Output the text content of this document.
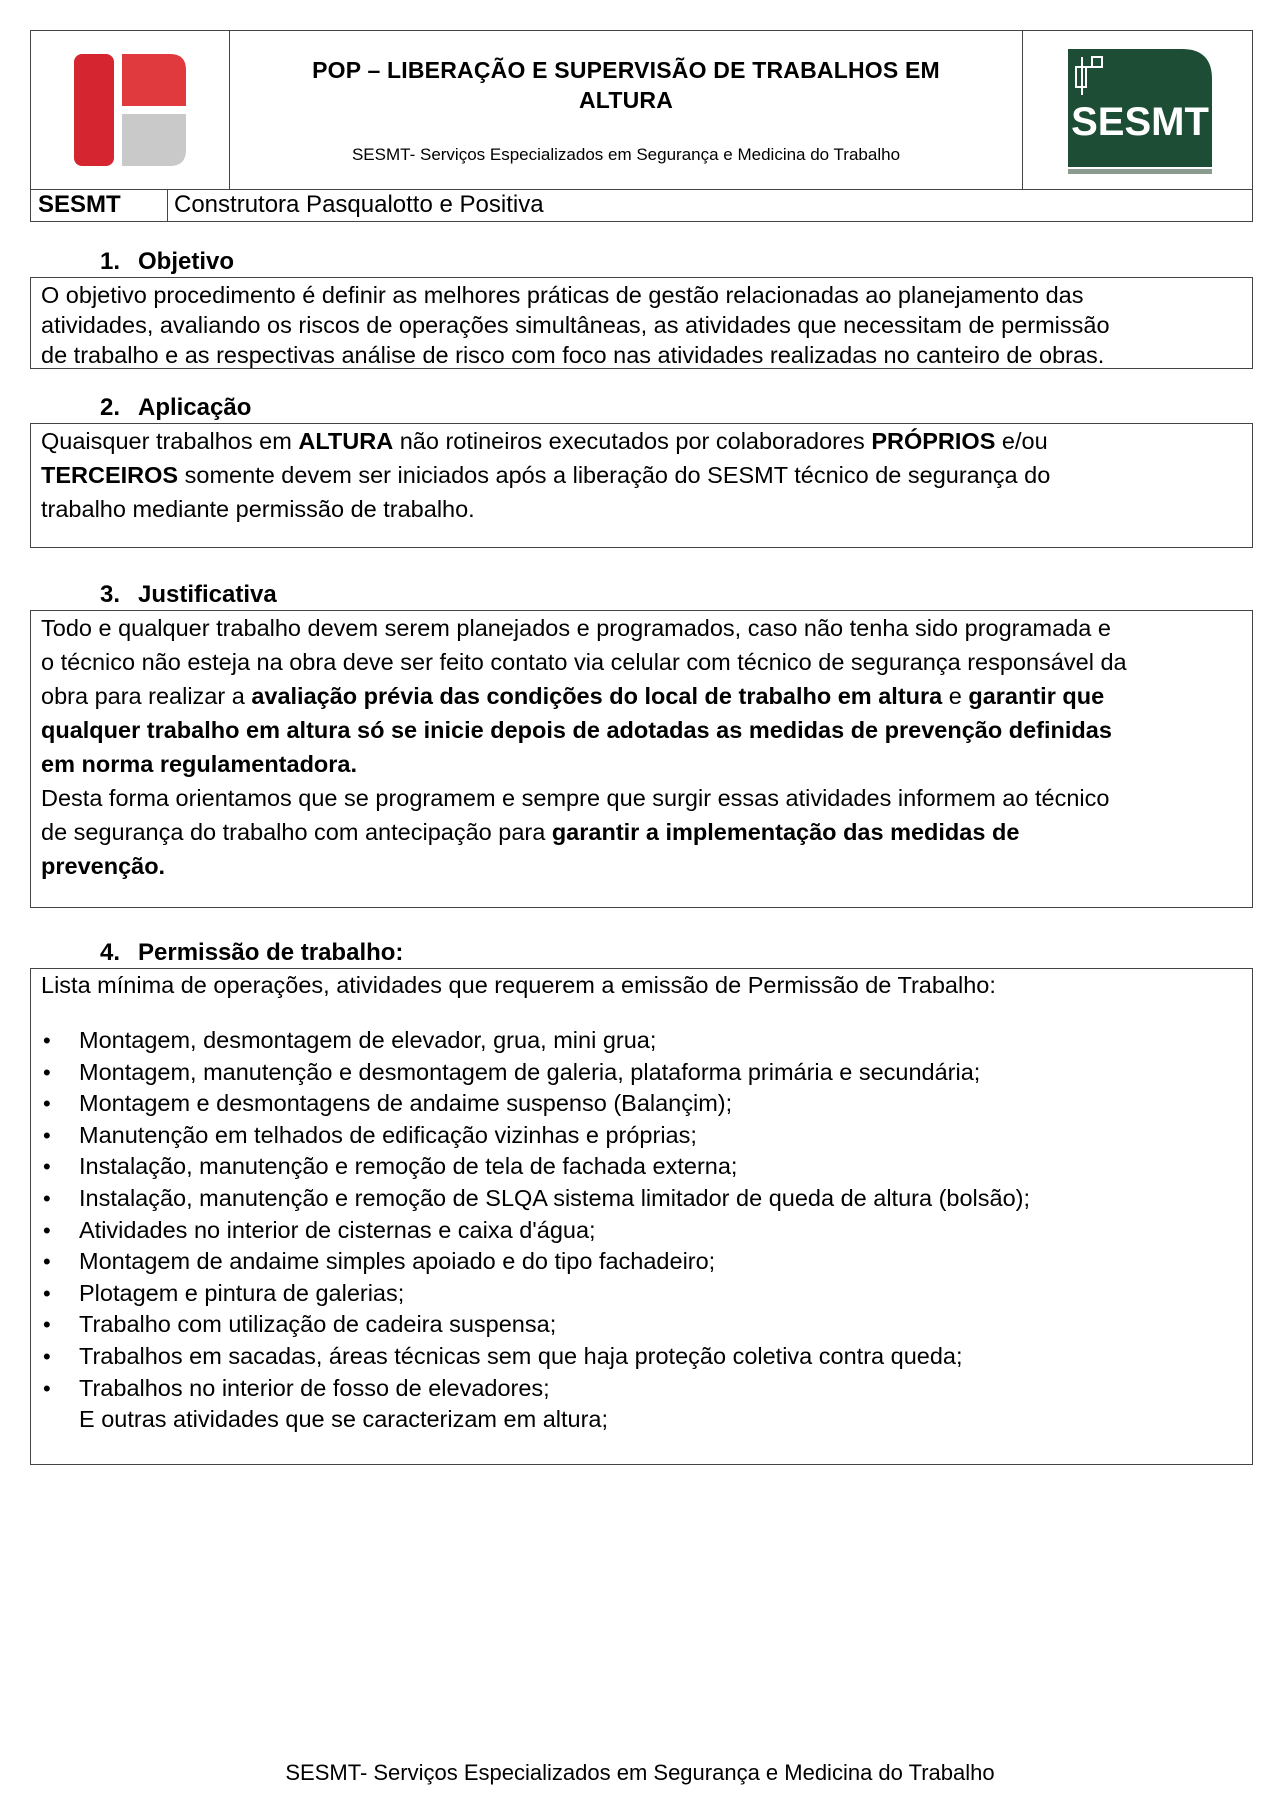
POP – LIBERAÇÃO E SUPERVISÃO DE TRABALHOS EM
ALTURA
SESMT- Serviços Especializados em Segurança e Medicina do Trabalho
SESMT
SESMT	Construtora Pasqualotto e Positiva
1. Objetivo

O objetivo procedimento é definir as melhores práticas de gestão relacionadas ao planejamento das

atividades, avaliando os riscos de operações simultâneas, as atividades que necessitam de permissão

de trabalho e as respectivas análise de risco com foco nas atividades realizadas no canteiro de obras.

2. Aplicação

Quaisquer trabalhos em ALTURA não rotineiros executados por colaboradores PRÓPRIOS e/ou

TERCEIROS somente devem ser iniciados após a liberação do SESMT técnico de segurança do

trabalho mediante permissão de trabalho.

3. Justificativa

Todo e qualquer trabalho devem serem planejados e programados, caso não tenha sido programada e

o técnico não esteja na obra deve ser feito contato via celular com técnico de segurança responsável da

obra para realizar a avaliação prévia das condições do local de trabalho em altura e garantir que

qualquer trabalho em altura só se inicie depois de adotadas as medidas de prevenção definidas

em norma regulamentadora.

Desta forma orientamos que se programem e sempre que surgir essas atividades informem ao técnico

de segurança do trabalho com antecipação para garantir a implementação das medidas de

prevenção.

4. Permissão de trabalho:

Lista mínima de operações, atividades que requerem a emissão de Permissão de Trabalho:

• Montagem, desmontagem de elevador, grua, mini grua;
• Montagem, manutenção e desmontagem de galeria, plataforma primária e secundária;
• Montagem e desmontagens de andaime suspenso (Balançim);
• Manutenção em telhados de edificação vizinhas e próprias;
• Instalação, manutenção e remoção de tela de fachada externa;
• Instalação, manutenção e remoção de SLQA sistema limitador de queda de altura (bolsão);
• Atividades no interior de cisternas e caixa d'água;
• Montagem de andaime simples apoiado e do tipo fachadeiro;
• Plotagem e pintura de galerias;
• Trabalho com utilização de cadeira suspensa;
• Trabalhos em sacadas, áreas técnicas sem que haja proteção coletiva contra queda;
• Trabalhos no interior de fosso de elevadores;

E outras atividades que se caracterizam em altura;

SESMT- Serviços Especializados em Segurança e Medicina do Trabalho
